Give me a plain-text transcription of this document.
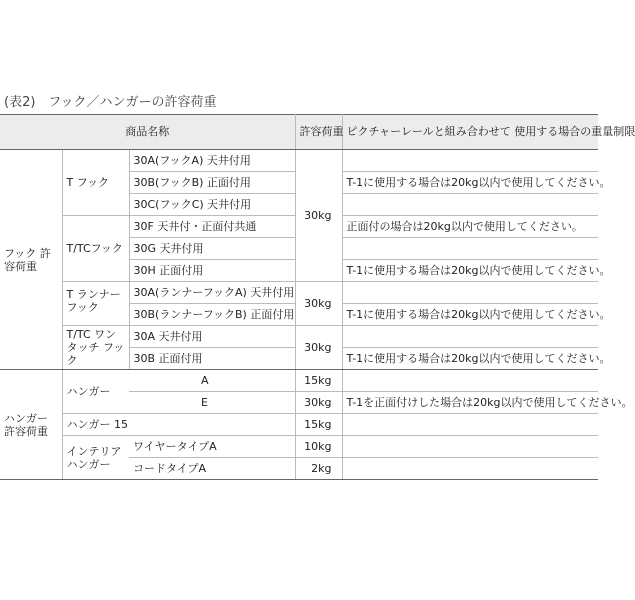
(表2)　フック／ハンガーの許容荷重
商品名称			許容荷重	ピクチャーレールと組み合わせて 使用する場合の重量制限
フック 許容荷重	T フック	30A(フックA) 天井付用	30kg	
		30B(フックB) 正面付用		T-1に使用する場合は20kg以内で使用してください。
		30C(フックC) 天井付用		
	T/TCフック	30F 天井付・正面付共通		正面付の場合は20kg以内で使用してください。
		30G 天井付用		
		30H 正面付用		T-1に使用する場合は20kg以内で使用してください。
	T ランナー フック	30A(ランナーフックA) 天井付用	30kg	
		30B(ランナーフックB) 正面付用		T-1に使用する場合は20kg以内で使用してください。
	T/TC ワンタッチ フック	30A 天井付用	30kg	
		30B 正面付用		T-1に使用する場合は20kg以内で使用してください。
ハンガー 許容荷重	ハンガー	A	15kg	
		E	30kg	T-1を正面付けした場合は20kg以内で使用してください。
	ハンガー 15		15kg	
	インテリア ハンガー	ワイヤータイプA	10kg	
		コードタイプA	2kg	
